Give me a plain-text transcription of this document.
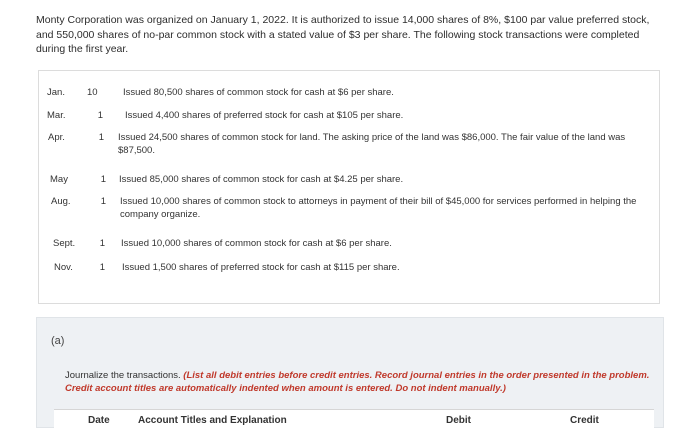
Monty Corporation was organized on January 1, 2022. It is authorized to issue 14,000 shares of 8%, $100 par value preferred stock, and 550,000 shares of no-par common stock with a stated value of $3 per share. The following stock transactions were completed during the first year.

Jan.	10	Issued 80,500 shares of common stock for cash at $6 per share.
Mar.	1 Issued 4,400 shares of preferred stock for cash at $105 per share.
Apr.	1 Issued 24,500 shares of common stock for land. The asking price of the land was $86,000. The fair value of the land was $87,500.
May	1 Issued 85,000 shares of common stock for cash at $4.25 per share.
Aug.	1 Issued 10,000 shares of common stock to attorneys in payment of their bill of $45,000 for services performed in helping the company organize.
Sept.	1 Issued 10,000 shares of common stock for cash at $6 per share.
Nov.	1 Issued 1,500 shares of preferred stock for cash at $115 per share.
(a)

Journalize the transactions. (List all debit entries before credit entries. Record journal entries in the order presented in the problem. Credit account titles are automatically indented when amount is entered. Do not indent manually.)

Date	Account Titles and Explanation	Debit	Credit
